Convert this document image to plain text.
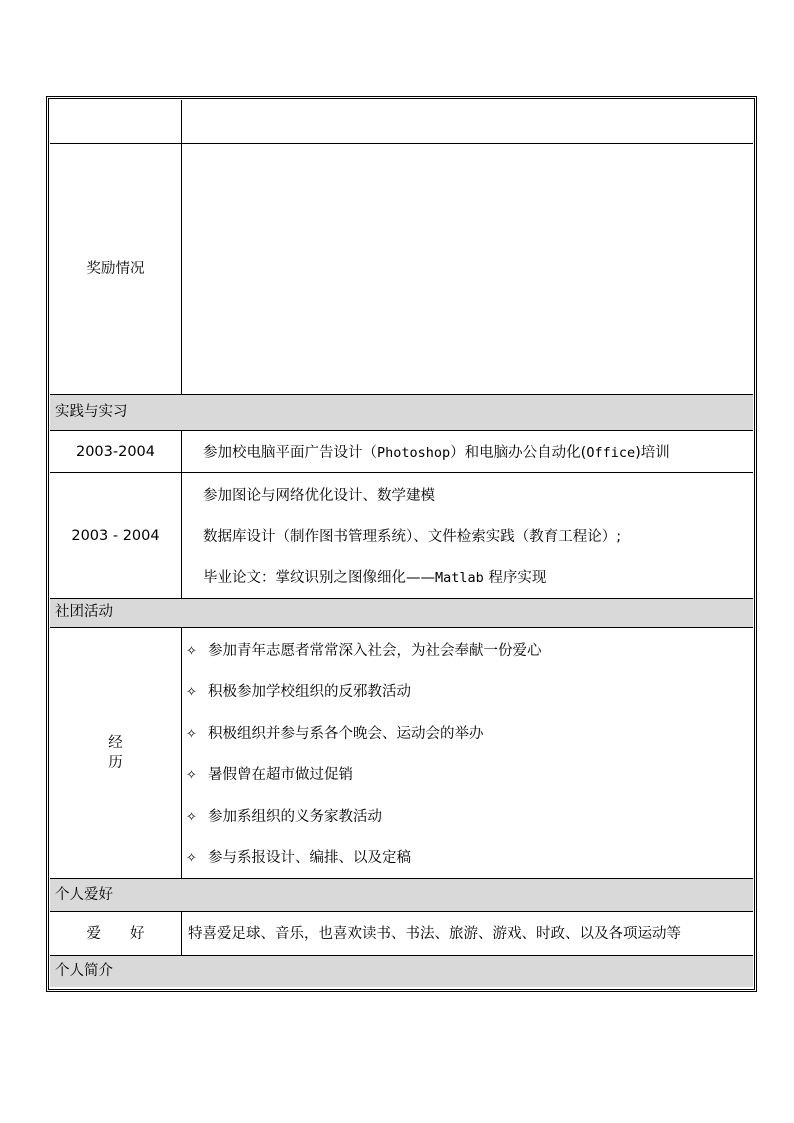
奖励情况
实践与实习
2003-2004	参加校电脑平面广告设计（Photoshop）和电脑办公自动化(Office)培训
2003 - 2004
参加图论与网络优化设计、数学建模
数据库设计（制作图书管理系统）、文件检索实践（教育工程论）;
毕业论文：掌纹识别之图像细化——Matlab 程序实现
社团活动
经
历
✧ 参加青年志愿者常常深入社会，为社会奉献一份爱心
✧ 积极参加学校组织的反邪教活动
✧ 积极组织并参与系各个晚会、运动会的举办
✧ 暑假曾在超市做过促销
✧ 参加系组织的义务家教活动
✧ 参与系报设计、编排、以及定稿
个人爱好
爱　　好	特喜爱足球、音乐，也喜欢读书、书法、旅游、游戏、时政、以及各项运动等
个人简介
